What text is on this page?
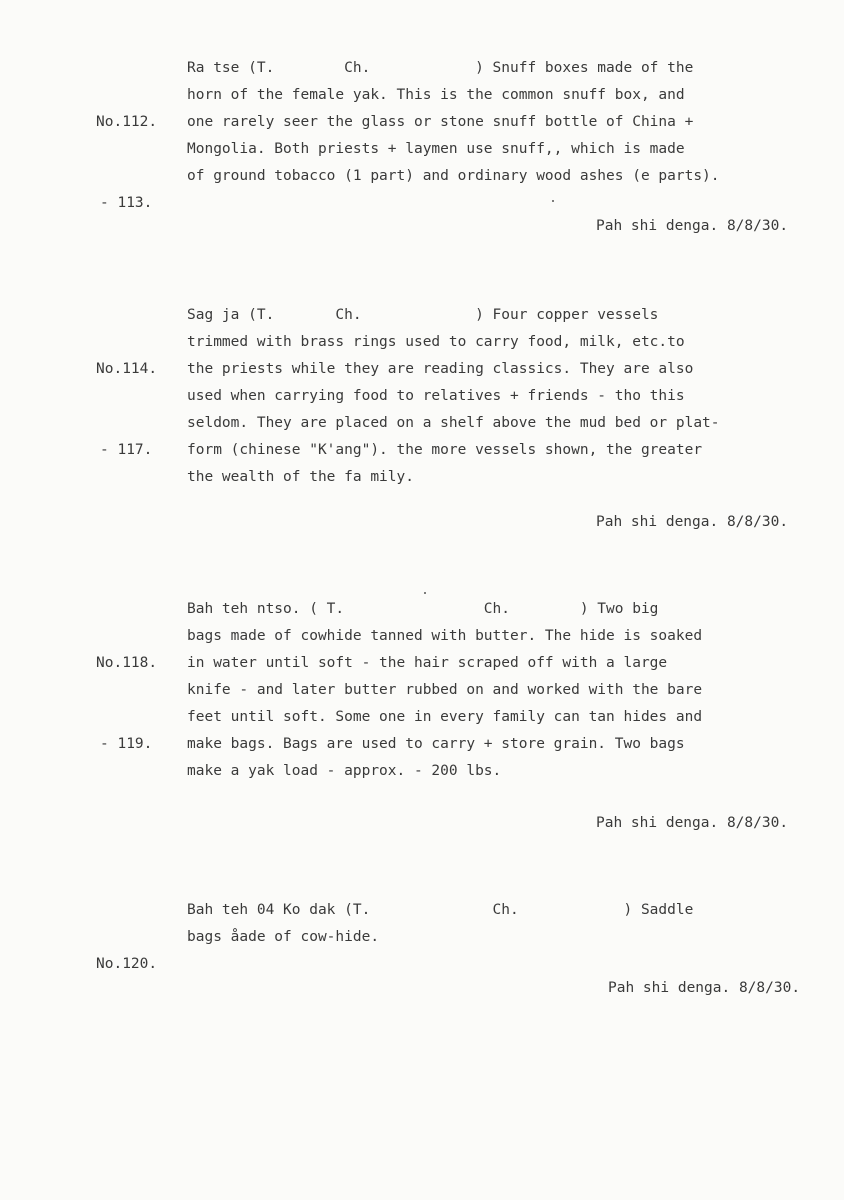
No.112.

- 113.

Ra tse (T.        Ch.            ) Snuff boxes made of the
horn of the female yak. This is the common snuff box, and
one rarely seer the glass or stone snuff bottle of China +
Mongolia. Both priests + laymen use snuff,, which is made
of ground tobacco (1 part) and ordinary wood ashes (e parts).
Pah shi denga. 8/8/30.

No.114.

- 117.

Sag ja (T.       Ch.             ) Four copper vessels
trimmed with brass rings used to carry food, milk, etc.to
the priests while they are reading classics. They are also
used when carrying food to relatives + friends - tho this
seldom. They are placed on a shelf above the mud bed or plat-
form (chinese "K'ang"). the more vessels shown, the greater
the wealth of the fa mily.
Pah shi denga. 8/8/30.

No.118.

- 119.

Bah teh ntso. ( T.                Ch.        ) Two big
bags made of cowhide tanned with butter. The hide is soaked
in water until soft - the hair scraped off with a large
knife - and later butter rubbed on and worked with the bare
feet until soft. Some one in every family can tan hides and
make bags. Bags are used to carry + store grain. Two bags
make a yak load - approx. - 200 lbs.
Pah shi denga. 8/8/30.

No.120.

Bah teh 04 Ko dak (T.              Ch.            ) Saddle
bags åade of cow-hide.
Pah shi denga. 8/8/30.
